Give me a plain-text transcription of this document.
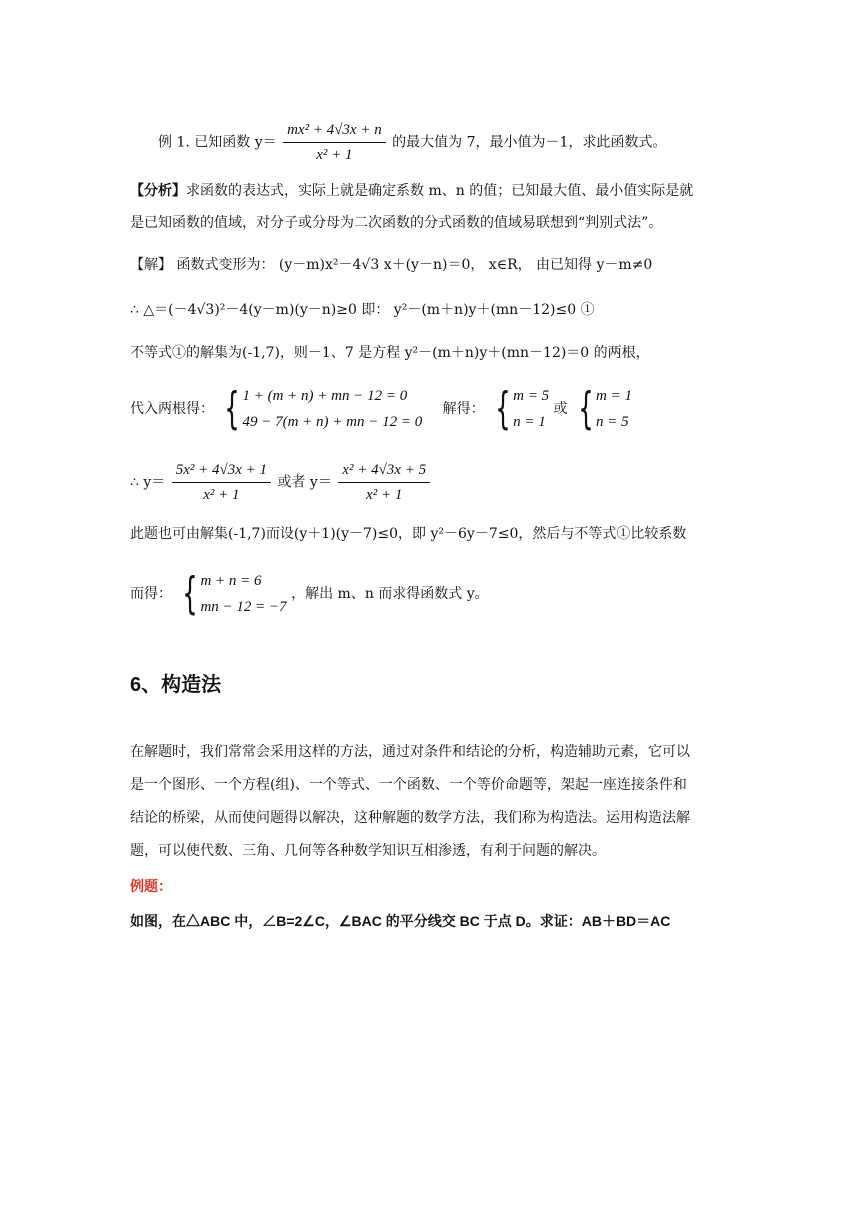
例 1. 已知函数 $y= \frac{\text{mx² + 4√3x + n}}{\text{x² + 1}}$ 的最大值为 7，最小值为－1，求此函数式。
【分析】求函数的表达式，实际上就是确定系数 m、n 的值；已知最大值、最小值实际是就
是已知函数的值域，对分子或分母为二次函数的分式函数的值域易联想到“判别式法”。
【解】 函数式变形为： (y－m)x²－4√3 x＋(y－n)＝0， x∈R， 由已知得 y－m≠0
∴ △＝(－4√3)²－4(y－m)(y－n)≥0 即： y²－(m＋n)y＋(mn－12)≤0 ①
不等式①的解集为(-1,7)，则－1、7 是方程 y²－(m＋n)y＋(mn－12)＝0 的两根，
代入两根得： { 1 + (m + n) + mn − 12 = 0
49 − 7(m + n) + mn − 12 = 0
解得： { m = 5
n = 1
或 { m = 1
n = 5
∴ $y= \frac{\text{5x² + 4√3x + 1}}{\text{x² + 1}}$ 或者 $y= \frac{\text{x² + 4√3x + 5}}{\text{x² + 1}}$
此题也可由解集(-1,7)而设(y＋1)(y－7)≤0，即 y²－6y－7≤0，然后与不等式①比较系数
而得： { m + n = 6
mn − 12 = −7
，解出 m、n 而求得函数式 y。
6、构造法
在解题时，我们常常会采用这样的方法，通过对条件和结论的分析，构造辅助元素，它可以
是一个图形、一个方程(组)、一个等式、一个函数、一个等价命题等，架起一座连接条件和
结论的桥梁，从而使问题得以解决，这种解题的数学方法，我们称为构造法。运用构造法解
题，可以使代数、三角、几何等各种数学知识互相渗透，有利于问题的解决。
例题：
如图，在△ABC 中，∠B=2∠C，∠BAC 的平分线交 BC 于点 D。求证：AB＋BD＝AC
